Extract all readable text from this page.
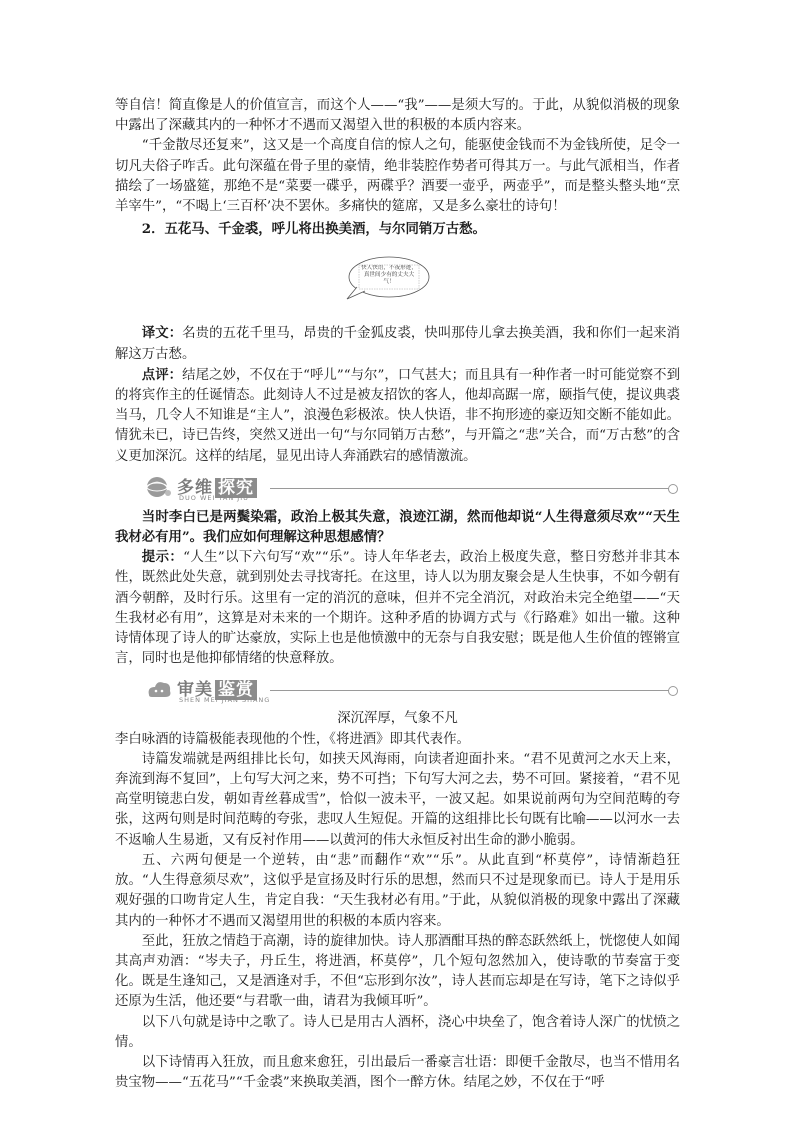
等自信！简直像是人的价值宣言，而这个人——“我”——是须大写的。于此，从貌似消极的现象中露出了深藏其内的一种怀才不遇而又渴望入世的积极的本质内容来。

“千金散尽还复来”，这又是一个高度自信的惊人之句，能驱使金钱而不为金钱所使，足令一切凡夫俗子咋舌。此句深蕴在骨子里的豪情，绝非装腔作势者可得其万一。与此气派相当，作者描绘了一场盛筵，那绝不是“菜要一碟乎，两碟乎？酒要一壶乎，两壶乎”，而是整头整头地“烹羊宰牛”，“不喝上‘三百杯’决不罢休。多痛快的筵席，又是多么豪壮的诗句！

2．五花马、千金裘，呼儿将出换美酒，与尔同销万古愁。

快人快语，不夜形迹，真世间少有的丈夫大气！

译文：名贵的五花千里马，昂贵的千金狐皮裘，快叫那侍儿拿去换美酒，我和你们一起来消解这万古愁。

点评：结尾之妙，不仅在于“呼儿”“与尔”，口气甚大；而且具有一种作者一时可能觉察不到的将宾作主的任诞情态。此刻诗人不过是被友招饮的客人，他却高踞一席，颐指气使，提议典裘当马，几令人不知谁是“主人”，浪漫色彩极浓。快人快语，非不拘形迹的豪迈知交断不能如此。情犹未已，诗已告终，突然又迸出一句“与尔同销万古愁”，与开篇之“悲”关合，而“万古愁”的含义更加深沉。这样的结尾，显见出诗人奔涌跌宕的感情激流。

多维 探究
DUO WEI TAN JIU

当时李白已是两鬓染霜，政治上极其失意，浪迹江湖，然而他却说“人生得意须尽欢”“天生我材必有用”。我们应如何理解这种思想感情？

提示：“人生”以下六句写“欢”“乐”。诗人年华老去，政治上极度失意，整日穷愁并非其本性，既然此处失意，就到别处去寻找寄托。在这里，诗人以为朋友聚会是人生快事，不如今朝有酒今朝醉，及时行乐。这里有一定的消沉的意味，但并不完全消沉，对政治未完全绝望——“天生我材必有用”，这算是对未来的一个期许。这种矛盾的协调方式与《行路难》如出一辙。这种诗情体现了诗人的旷达豪放，实际上也是他愤激中的无奈与自我安慰；既是他人生价值的铿锵宣言，同时也是他抑郁情绪的快意释放。

审美 鉴赏
SHEN MEI JIAN SHANG

深沉浑厚，气象不凡

李白咏酒的诗篇极能表现他的个性，《将进酒》即其代表作。

诗篇发端就是两组排比长句，如挟天风海雨，向读者迎面扑来。“君不见黄河之水天上来，奔流到海不复回”，上句写大河之来，势不可挡；下句写大河之去，势不可回。紧接着，“君不见高堂明镜悲白发，朝如青丝暮成雪”，恰似一波未平，一波又起。如果说前两句为空间范畴的夸张，这两句则是时间范畴的夸张，悲叹人生短促。开篇的这组排比长句既有比喻——以河水一去不返喻人生易逝，又有反衬作用——以黄河的伟大永恒反衬出生命的渺小脆弱。

五、六两句便是一个逆转，由“悲”而翻作“欢”“乐”。从此直到“杯莫停”，诗情渐趋狂放。“人生得意须尽欢”，这似乎是宣扬及时行乐的思想，然而只不过是现象而已。诗人于是用乐观好强的口吻肯定人生，肯定自我：“天生我材必有用。”于此，从貌似消极的现象中露出了深藏其内的一种怀才不遇而又渴望用世的积极的本质内容来。

至此，狂放之情趋于高潮，诗的旋律加快。诗人那酒酣耳热的醉态跃然纸上，恍惚使人如闻其高声劝酒：“岑夫子，丹丘生，将进酒，杯莫停”，几个短句忽然加入，使诗歌的节奏富于变化。既是生逢知己，又是酒逢对手，不但“忘形到尔汝”，诗人甚而忘却是在写诗，笔下之诗似乎还原为生活，他还要“与君歌一曲，请君为我倾耳听”。

以下八句就是诗中之歌了。诗人已是用古人酒杯，浇心中块垒了，饱含着诗人深广的忧愤之情。

以下诗情再入狂放，而且愈来愈狂，引出最后一番豪言壮语：即便千金散尽，也当不惜用名贵宝物——“五花马”“千金裘”来换取美酒，图个一醉方休。结尾之妙，不仅在于“呼
